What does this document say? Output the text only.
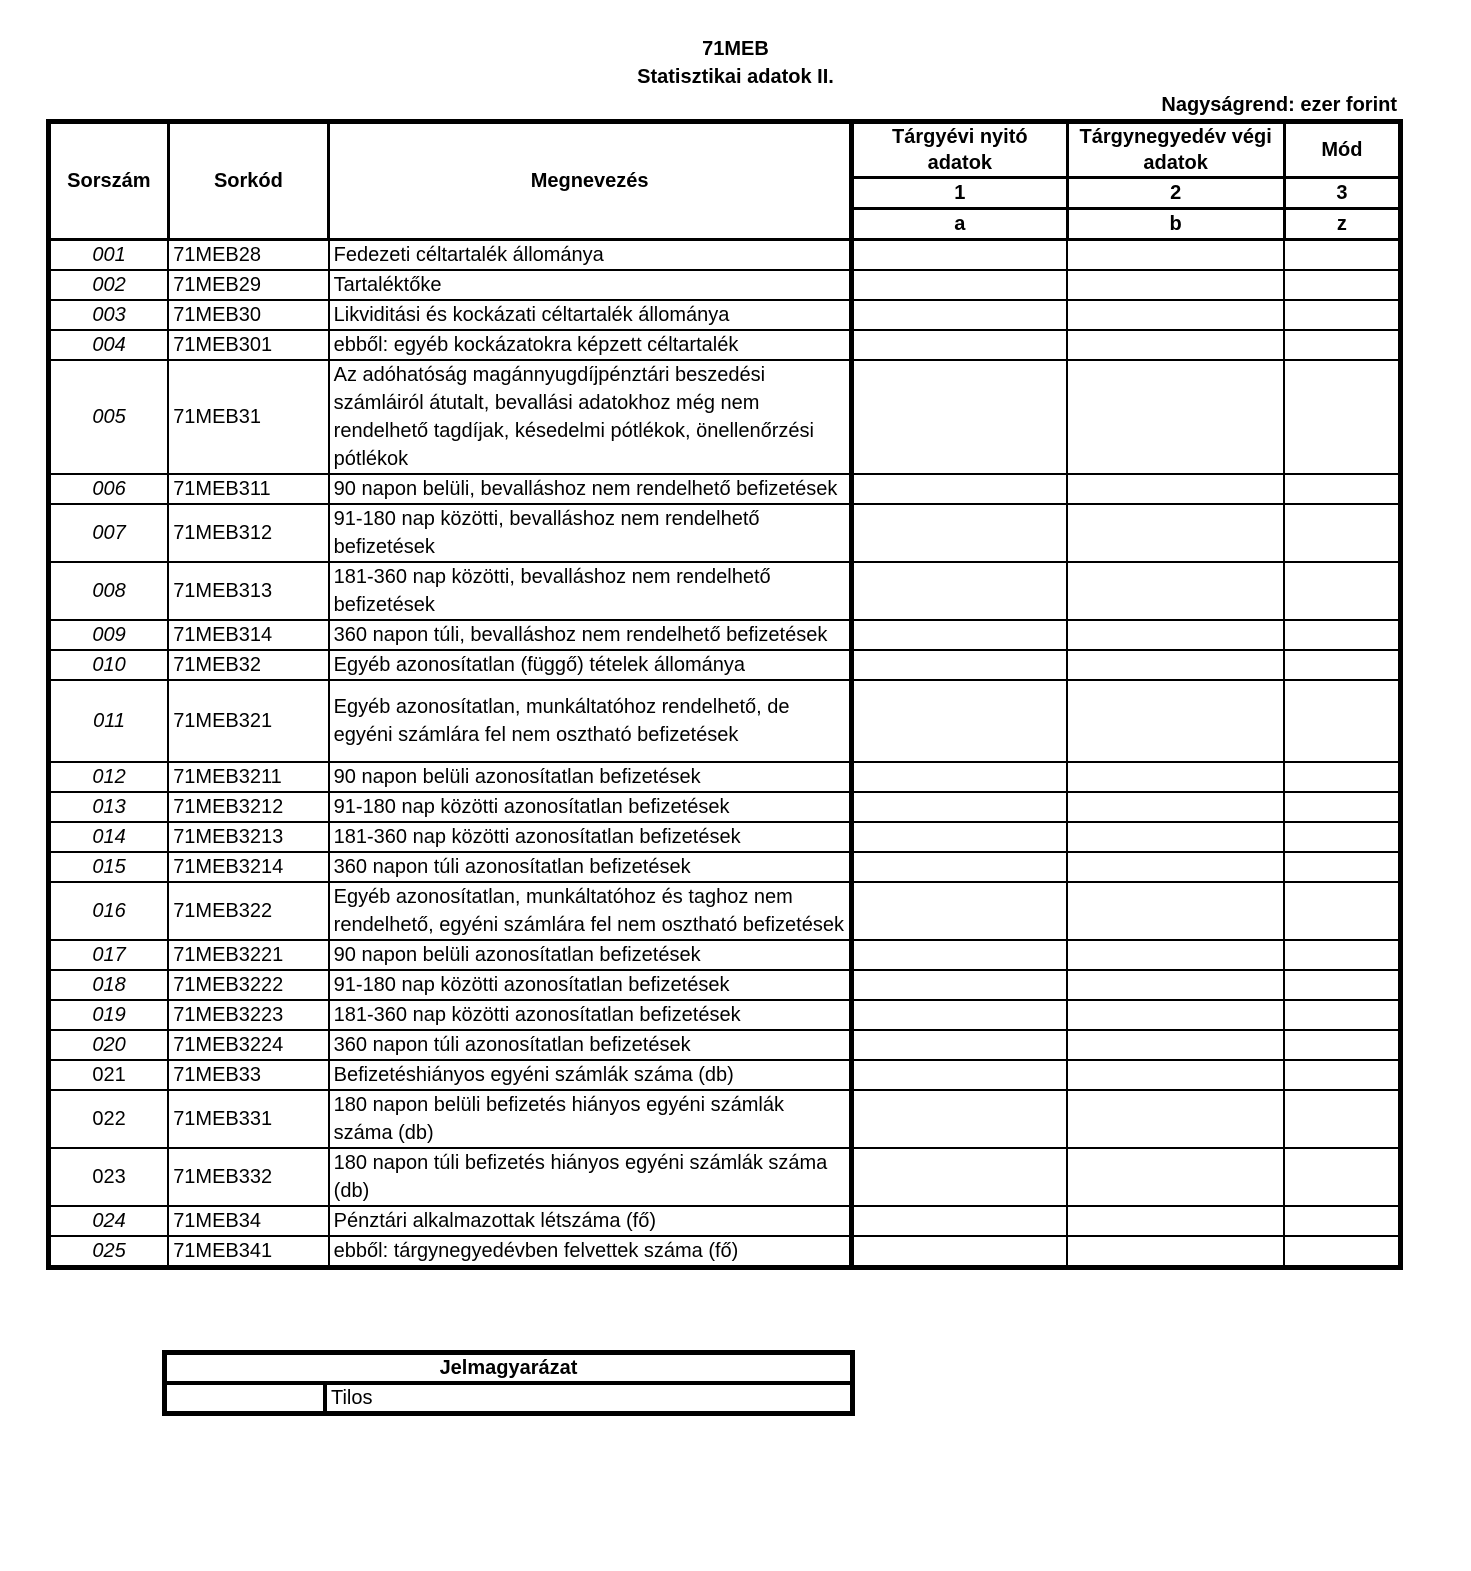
71MEB
Statisztikai adatok II.
Nagyságrend: ezer forint
Sorszám	Sorkód	Megnevezés	Tárgyévi nyitó adatok	Tárgynegyedév végi adatok	Mód
			1	2	3
			a	b	z
001	71MEB28	Fedezeti céltartalék állománya			
002	71MEB29	Tartaléktőke			
003	71MEB30	Likviditási és kockázati céltartalék állománya			
004	71MEB301	ebből: egyéb kockázatokra képzett céltartalék			
005	71MEB31	Az adóhatóság magánnyugdíjpénztári beszedési számláiról átutalt, bevallási adatokhoz még nem rendelhető tagdíjak, késedelmi pótlékok, önellenőrzési pótlékok			
006	71MEB311	90 napon belüli, bevalláshoz nem rendelhető befizetések			
007	71MEB312	91-180 nap közötti, bevalláshoz nem rendelhető befizetések			
008	71MEB313	181-360 nap közötti, bevalláshoz nem rendelhető befizetések			
009	71MEB314	360 napon túli, bevalláshoz nem rendelhető befizetések			
010	71MEB32	Egyéb azonosítatlan (függő) tételek állománya			
011	71MEB321	Egyéb azonosítatlan, munkáltatóhoz rendelhető, de egyéni számlára fel nem osztható befizetések			
012	71MEB3211	90 napon belüli azonosítatlan befizetések			
013	71MEB3212	91-180 nap közötti azonosítatlan befizetések			
014	71MEB3213	181-360 nap közötti azonosítatlan befizetések			
015	71MEB3214	360 napon túli azonosítatlan befizetések			
016	71MEB322	Egyéb azonosítatlan, munkáltatóhoz és taghoz nem rendelhető, egyéni számlára fel nem osztható befizetések			
017	71MEB3221	90 napon belüli azonosítatlan befizetések			
018	71MEB3222	91-180 nap közötti azonosítatlan befizetések			
019	71MEB3223	181-360 nap közötti azonosítatlan befizetések			
020	71MEB3224	360 napon túli azonosítatlan befizetések			
021	71MEB33	Befizetéshiányos egyéni számlák száma (db)			
022	71MEB331	180 napon belüli befizetés hiányos egyéni számlák száma (db)			
023	71MEB332	180 napon túli befizetés hiányos egyéni számlák száma (db)			
024	71MEB34	Pénztári alkalmazottak létszáma (fő)			
025	71MEB341	ebből: tárgynegyedévben felvettek száma (fő)			
Jelmagyarázat
	Tilos
